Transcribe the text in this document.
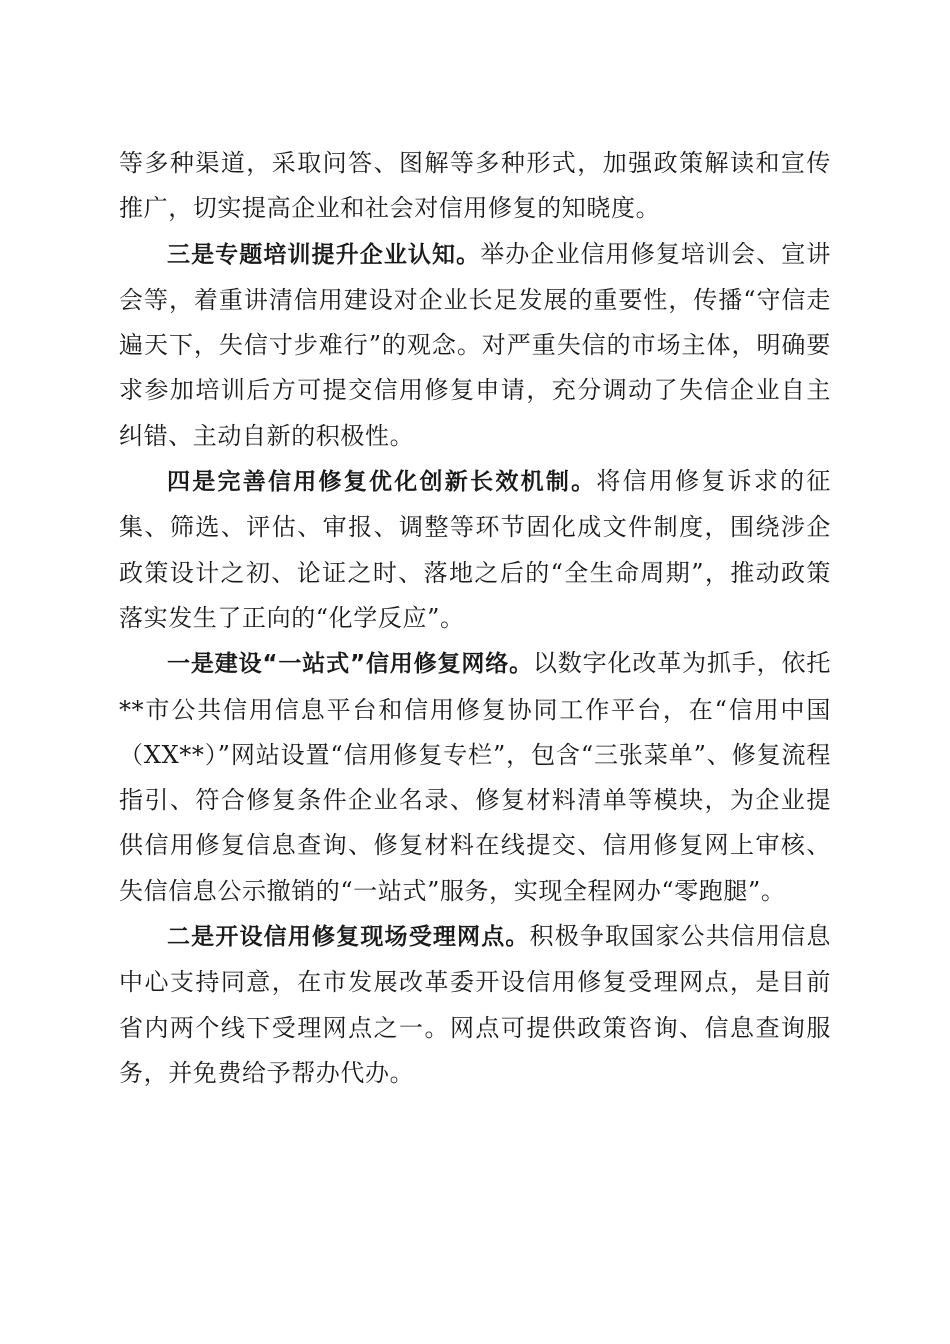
等多种渠道，采取问答、图解等多种形式，加强政策解读和宣传推广，切实提高企业和社会对信用修复的知晓度。

三是专题培训提升企业认知。举办企业信用修复培训会、宣讲会等，着重讲清信用建设对企业长足发展的重要性，传播“守信走遍天下，失信寸步难行”的观念。对严重失信的市场主体，明确要求参加培训后方可提交信用修复申请，充分调动了失信企业自主纠错、主动自新的积极性。

四是完善信用修复优化创新长效机制。将信用修复诉求的征集、筛选、评估、审报、调整等环节固化成文件制度，围绕涉企政策设计之初、论证之时、落地之后的“全生命周期”，推动政策落实发生了正向的“化学反应”。

一是建设“一站式”信用修复网络。以数字化改革为抓手，依托**市公共信用信息平台和信用修复协同工作平台，在“信用中国（XX**）”网站设置“信用修复专栏”，包含“三张菜单”、修复流程指引、符合修复条件企业名录、修复材料清单等模块，为企业提供信用修复信息查询、修复材料在线提交、信用修复网上审核、失信信息公示撤销的“一站式”服务，实现全程网办“零跑腿”。

二是开设信用修复现场受理网点。积极争取国家公共信用信息中心支持同意，在市发展改革委开设信用修复受理网点，是目前省内两个线下受理网点之一。网点可提供政策咨询、信息查询服务，并免费给予帮办代办。
